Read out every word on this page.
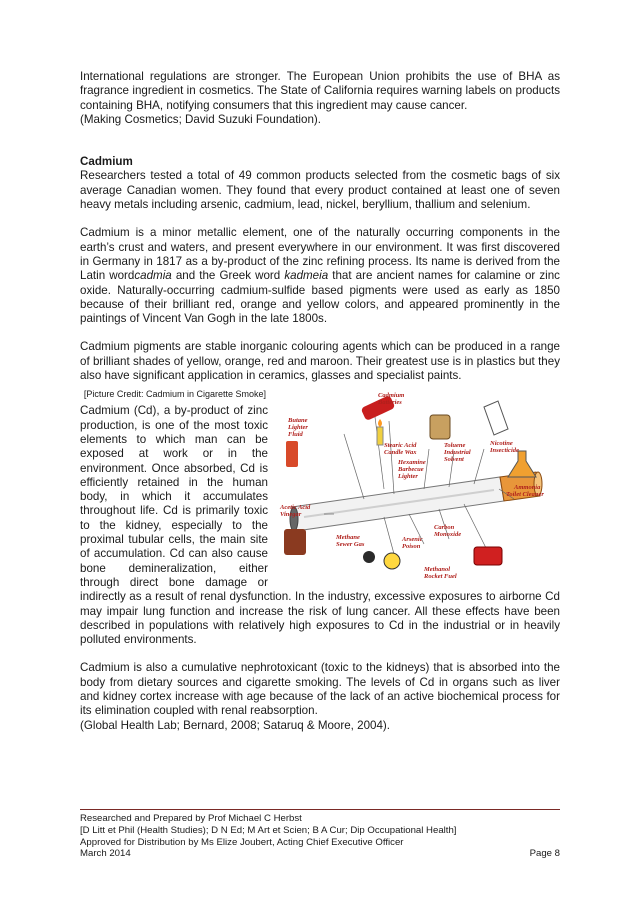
International regulations are stronger. The European Union prohibits the use of BHA as fragrance ingredient in cosmetics. The State of California requires warning labels on products containing BHA, notifying consumers that this ingredient may cause cancer.

(Making Cosmetics; David Suzuki Foundation).

Cadmium

Researchers tested a total of 49 common products selected from the cosmetic bags of six average Canadian women. They found that every product contained at least one of seven heavy metals including arsenic, cadmium, lead, nickel, beryllium, thallium and selenium.

Cadmium is a minor metallic element, one of the naturally occurring components in the earth’s crust and waters, and present everywhere in our environment. It was first discovered in Germany in 1817 as a by-product of the zinc refining process. Its name is derived from the Latin wordcadmia and the Greek word kadmeia that are ancient names for calamine or zinc oxide. Naturally-occurring cadmium-sulfide based pigments were used as early as 1850 because of their brilliant red, orange and yellow colors, and appeared prominently in the paintings of Vincent Van Gogh in the late 1800s.

Cadmium pigments are stable inorganic colouring agents which can be produced in a range of brilliant shades of yellow, orange, red and maroon. Their greatest use is in plastics but they also have significant application in ceramics, glasses and specialist paints.

Cadmium Batteries
Butane Lighter Fluid
Stearic Acid Candle Wax
Hexamine Barbecue Lighter
Toluene Industrial Solvent
Nicotine Insecticide
Ammonia Toilet Cleaner
Acetic Acid Vinegar
Methane Sewer Gas
Arsenic Poison
Carbon Monoxide
Methanol Rocket Fuel

[Picture Credit: Cadmium in Cigarette Smoke]

Cadmium (Cd), a by-product of zinc production, is one of the most toxic elements to which man can be exposed at work or in the environment. Once absorbed, Cd is efficiently retained in the human body, in which it accumulates throughout life. Cd is primarily toxic to the kidney, especially to the proximal tubular cells, the main site of accumulation. Cd can also cause bone demineralization, either through direct bone damage or indirectly as a result of renal dysfunction. In the industry, excessive exposures to airborne Cd may impair lung function and increase the risk of lung cancer. All these effects have been described in populations with relatively high exposures to Cd in the industrial or in heavily polluted environments.

Cadmium is also a cumulative nephrotoxicant (toxic to the kidneys) that is absorbed into the body from dietary sources and cigarette smoking. The levels of Cd in organs such as liver and kidney cortex increase with age because of the lack of an active biochemical process for its elimination coupled with renal reabsorption.

(Global Health Lab; Bernard, 2008; Sataruq & Moore, 2004).

Researched and Prepared by Prof Michael C Herbst

[D Litt et Phil (Health Studies); D N Ed; M Art et Scien; B A Cur; Dip Occupational Health]

Approved for Distribution by Ms Elize Joubert, Acting Chief Executive Officer

March 2014	Page 8
